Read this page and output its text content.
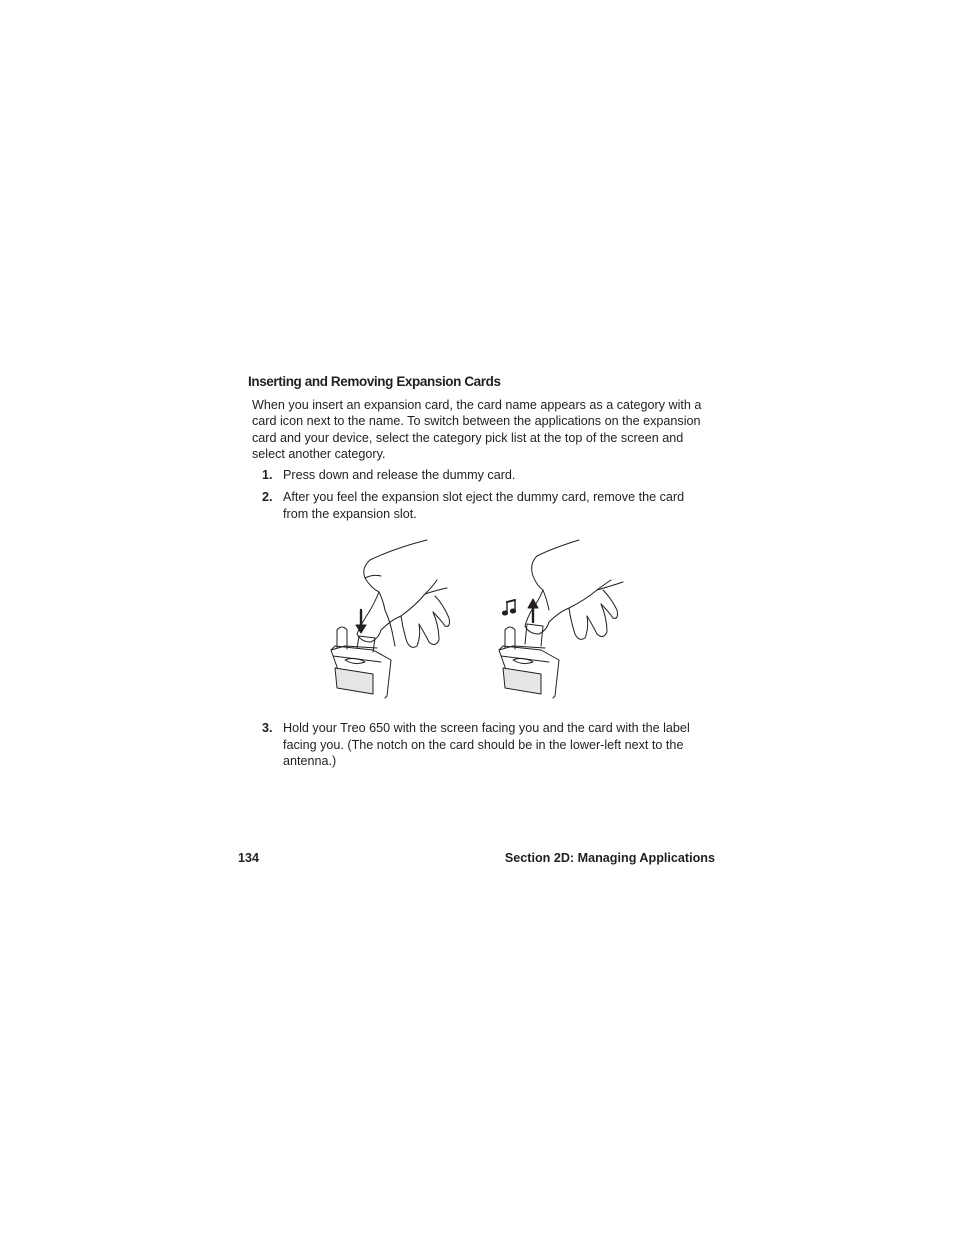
Inserting and Removing Expansion Cards
When you insert an expansion card, the card name appears as a category with a
card icon next to the name. To switch between the applications on the expansion
card and your device, select the category pick list at the top of the screen and
select another category.
1. Press down and release the dummy card.
2. After you feel the expansion slot eject the dummy card, remove the card
from the expansion slot.
3. Hold your Treo 650 with the screen facing you and the card with the label
facing you. (The notch on the card should be in the lower-left next to the
antenna.)
134	Section 2D: Managing Applications
